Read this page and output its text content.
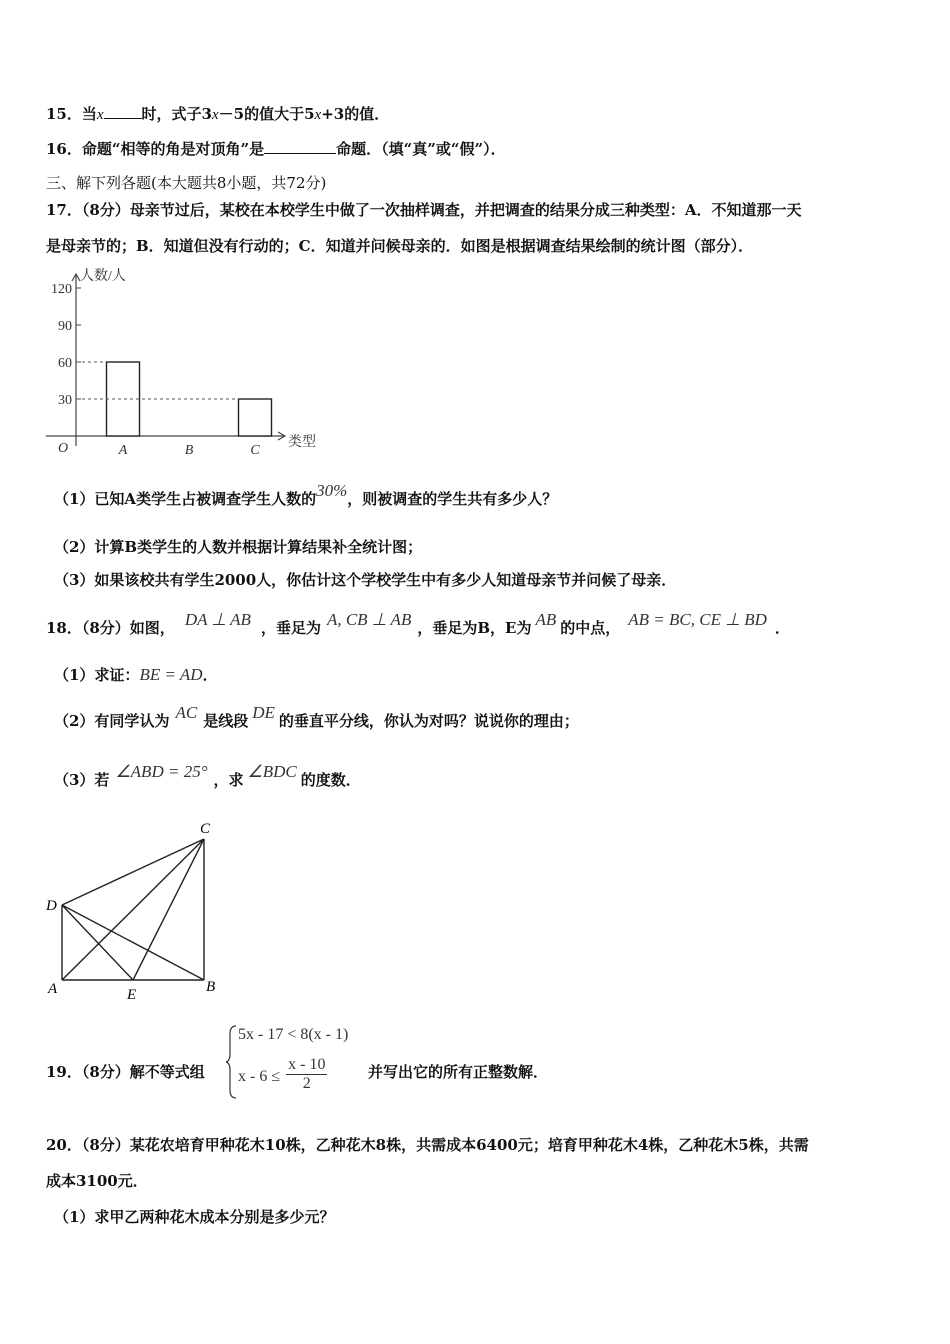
15．当x	时，式子3x－5的值大于5x+3的值．
16．命题“相等的角是对顶角”是	命题．（填“真”或“假”）．
三、解下列各题(本大题共8小题，共72分)
17．（8分）母亲节过后，某校在本校学生中做了一次抽样调查，并把调查的结果分成三种类型：A．不知道那一天
是母亲节的；B．知道但没有行动的；C．知道并问候母亲的．如图是根据调查结果绘制的统计图（部分）．
人数/人
类型
O
30
60
90
120
A	B	C
（1）已知A类学生占被调查学生人数的30%，则被调查的学生共有多少人？
（2）计算B类学生的人数并根据计算结果补全统计图；
（3）如果该校共有学生2000人，你估计这个学校学生中有多少人知道母亲节并问候了母亲．
18．（8分）如图， DA ⊥ AB ，垂足为 A, CB ⊥ AB ，垂足为B，E为 AB 的中点， AB = BC, CE ⊥ BD ．
（1）求证：BE = AD．
（2）有同学认为 AC 是线段 DE 的垂直平分线，你认为对吗？说说你的理由；
（3）若 ∠ABD = 25° ，求 ∠BDC 的度数．
C
D
A	E	B
19．（8分）解不等式组
5x - 17 < 8(x - 1)
$x - 6 \le \frac{x - 10}{2}$	并写出它的所有正整数解．
20．（8分）某花农培育甲种花木10株，乙种花木8株，共需成本6400元；培育甲种花木4株，乙种花木5株，共需
成本3100元．
（1）求甲乙两种花木成本分别是多少元？
